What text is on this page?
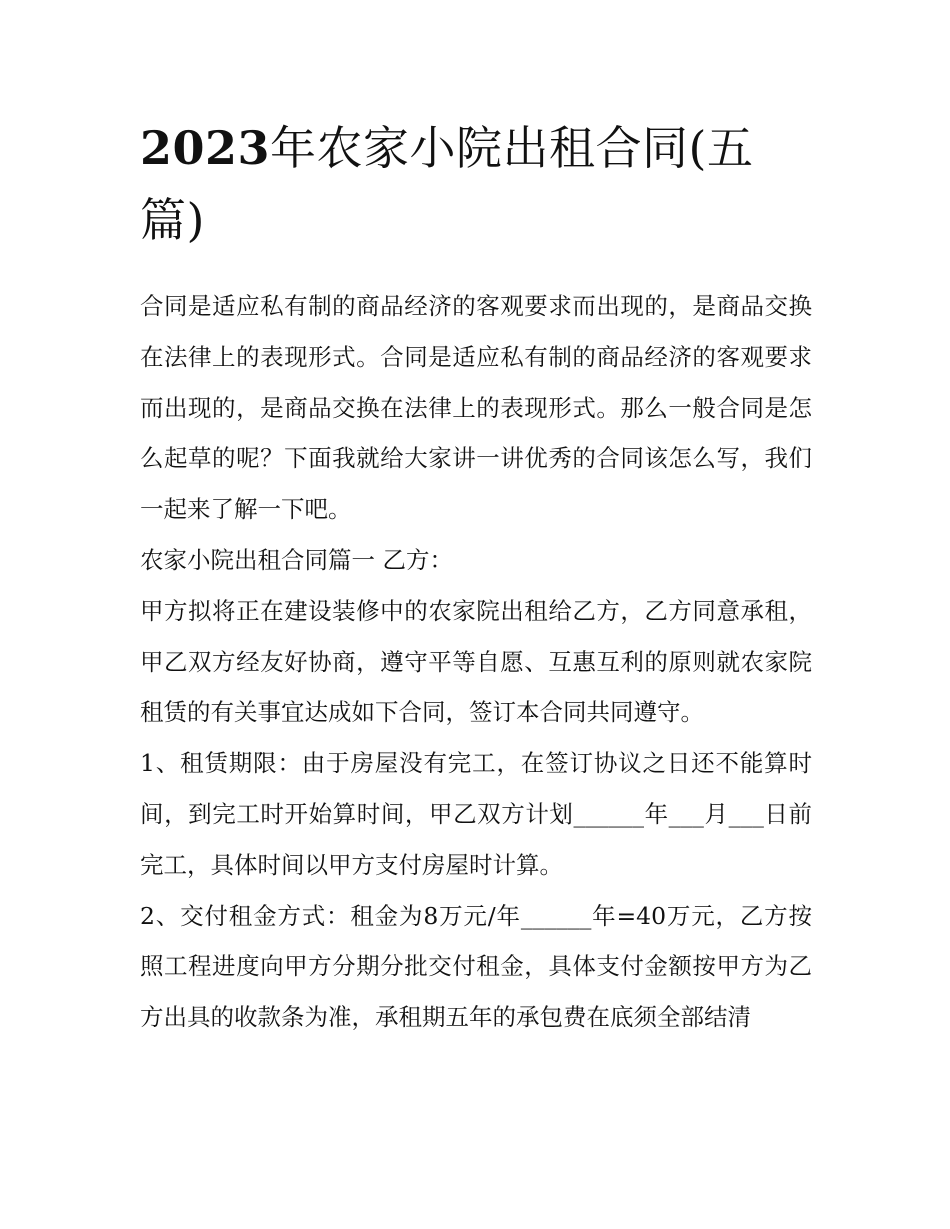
2023年农家小院出租合同(五篇)

合同是适应私有制的商品经济的客观要求而出现的，是商品交换在法律上的表现形式。合同是适应私有制的商品经济的客观要求而出现的，是商品交换在法律上的表现形式。那么一般合同是怎么起草的呢？下面我就给大家讲一讲优秀的合同该怎么写，我们一起来了解一下吧。

农家小院出租合同篇一 乙方：

甲方拟将正在建设装修中的农家院出租给乙方，乙方同意承租，甲乙双方经友好协商，遵守平等自愿、互惠互利的原则就农家院租赁的有关事宜达成如下合同，签订本合同共同遵守。

1、租赁期限：由于房屋没有完工，在签订协议之日还不能算时间，到完工时开始算时间，甲乙双方计划______年___月___日前完工，具体时间以甲方支付房屋时计算。

2、交付租金方式：租金为8万元/年______年=40万元，乙方按照工程进度向甲方分期分批交付租金，具体支付金额按甲方为乙方出具的收款条为准，承租期五年的承包费在底须全部结清
